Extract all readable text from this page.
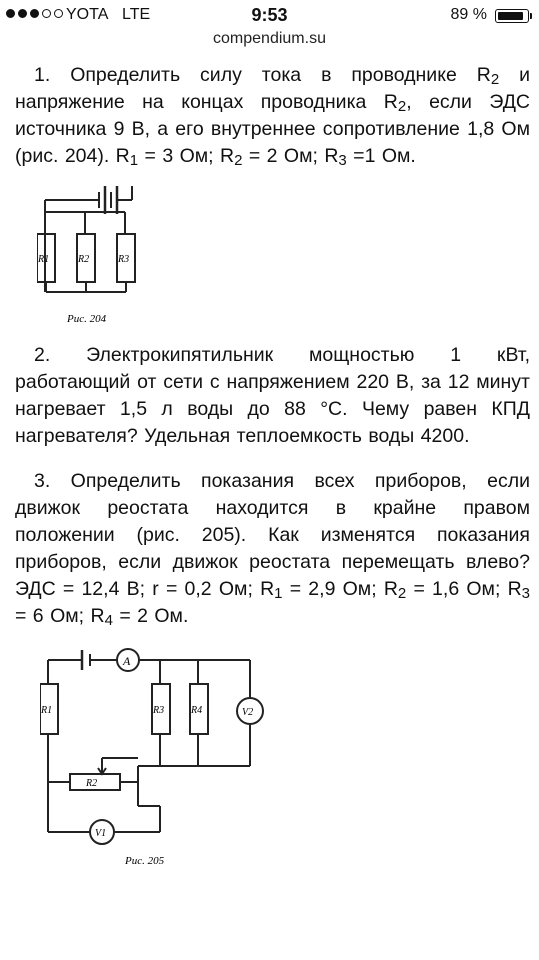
YOTA LTE	9:53	89 %
compendium.su

1. Определить силу тока в проводнике $R_2$ и напряжение на концах проводника $R_2$, если ЭДС источника 9 В, а его внутреннее сопротивление 1,8 Ом (рис. 204). $R_1 = 3$ Ом; $R_2 = 2$ Ом; $R_3 =1$ Ом.

R1	R2	R3
Рис. 204

2. Электрокипятильник мощностью 1 кВт, работающий от сети с напряжением 220 В, за 12 минут нагревает 1,5 л воды до 88 °С. Чему равен КПД нагревателя? Удельная теплоемкость воды 4200.

3. Определить показания всех приборов, если движок реостата находится в крайне правом положении (рис. 205). Как изменятся показания приборов, если движок реостата перемещать влево? ЭДС = 12,4 В; r = 0,2 Ом; $R_1 = 2,9$ Ом; $R_2 = 1,6$ Ом; $R_3 = 6$ Ом; $R_4 = 2$ Ом.

A
R1	R3	R4	V2
R2
V1
Рис. 205
